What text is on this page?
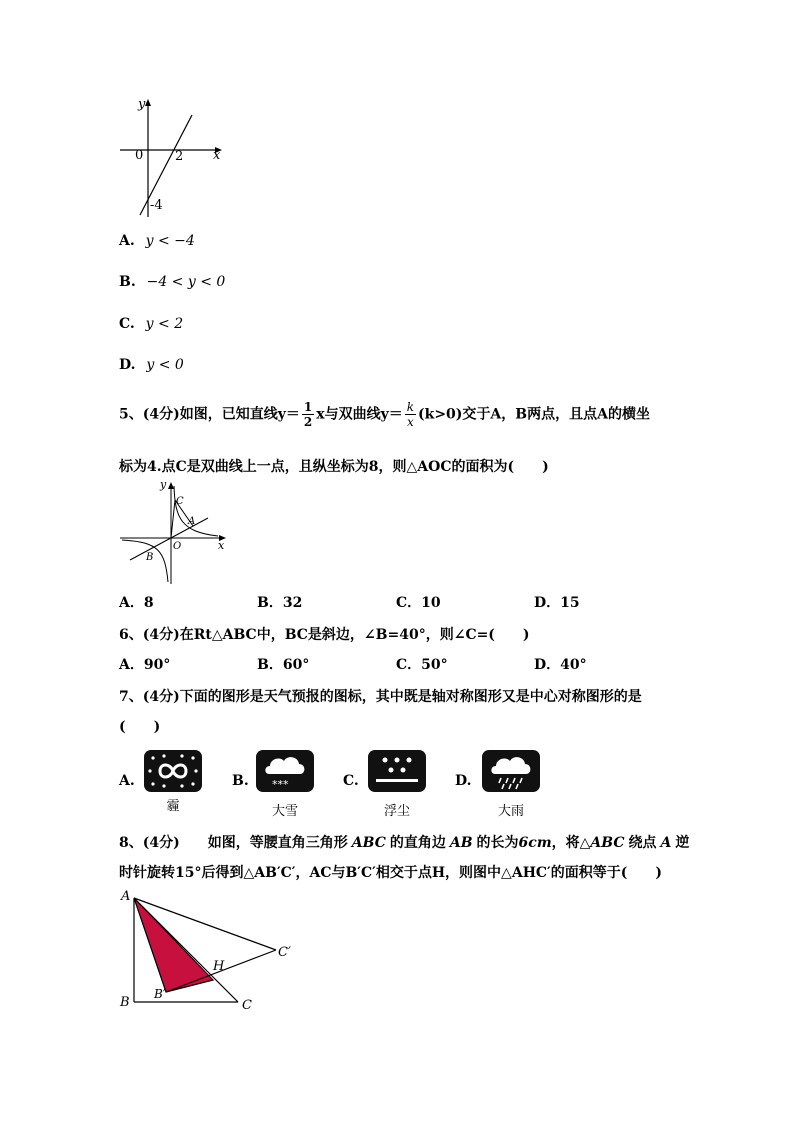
y
x
0 2
-4
A. y < −4
B. −4 < y < 0
C. y < 2
D. y < 0
5、(4分)如图，已知直线$y= \frac{1}{2}$ x与双曲线$y= \frac{k}{x} (k>0)$交于A，B两点，且点A的横坐
标为4.点C是双曲线上一点，且纵坐标为8，则△AOC的面积为(　　)
y
x
O
A
B
C
A．8	B．32	C．10	D．15
6、(4分)在Rt△ABC中，BC是斜边，∠B=40°，则∠C=(　　)
A．90°	B．60°	C．50°	D．40°
7、(4分)下面的图形是天气预报的图标，其中既是轴对称图形又是中心对称图形的是
(　　)
A.
霾
B. ***
大雪
C.
浮尘
D.
大雨
8、(4分) 如图，等腰直角三角形 ABC 的直角边 AB 的长为6cm，将△ABC 绕点 A 逆
时针旋转15°后得到△AB′C′，AC与B′C′相交于点H，则图中△AHC′的面积等于(　　)
A
B	C
B′
C′
H
